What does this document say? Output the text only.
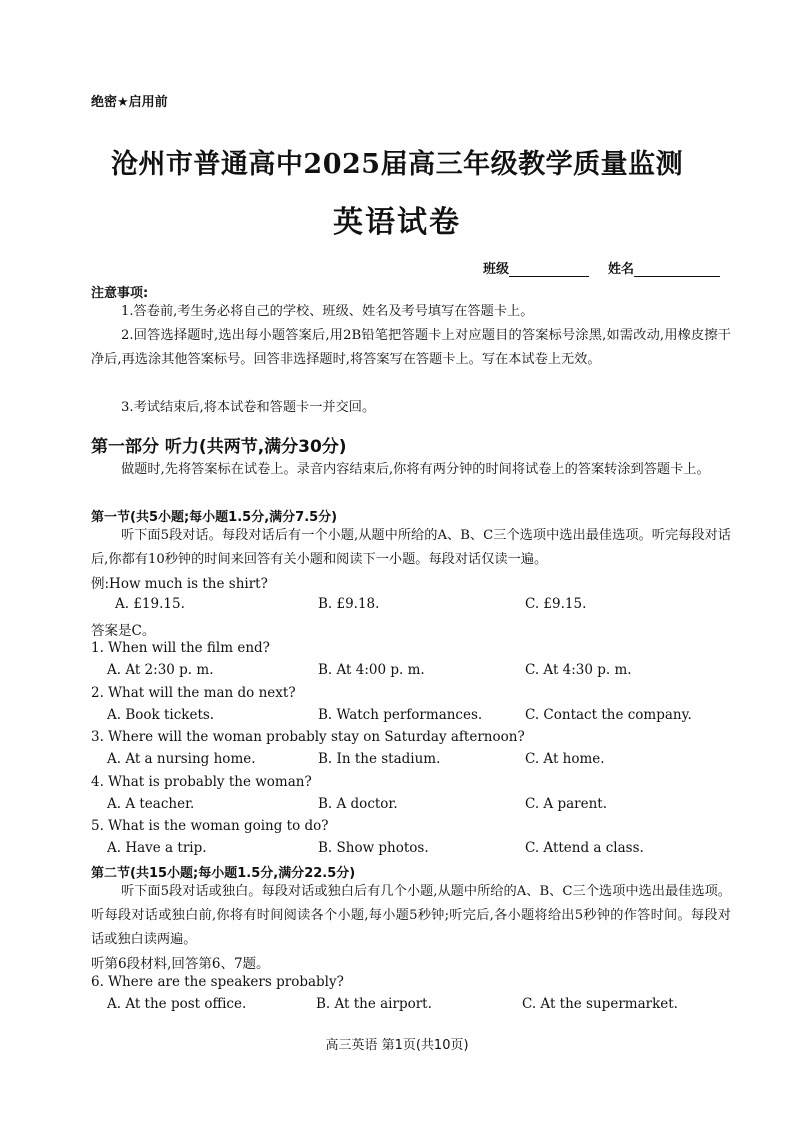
绝密★启用前
沧州市普通高中2025届高三年级教学质量监测
英语试卷
班级	姓名
注意事项:
1.答卷前,考生务必将自己的学校、班级、姓名及考号填写在答题卡上。
2.回答选择题时,选出每小题答案后,用2B铅笔把答题卡上对应题目的答案标号涂黑,如需改动,用橡皮擦干净后,再选涂其他答案标号。回答非选择题时,将答案写在答题卡上。写在本试卷上无效。
3.考试结束后,将本试卷和答题卡一并交回。
第一部分 听力(共两节,满分30分)
做题时,先将答案标在试卷上。录音内容结束后,你将有两分钟的时间将试卷上的答案转涂到答题卡上。
第一节(共5小题;每小题1.5分,满分7.5分)
听下面5段对话。每段对话后有一个小题,从题中所给的A、B、C三个选项中选出最佳选项。听完每段对话后,你都有10秒钟的时间来回答有关小题和阅读下一小题。每段对话仅读一遍。
例:How much is the shirt?
A. £19.15.	B. £9.18.	C. £9.15.
答案是C。
1. When will the film end?
A. At 2:30 p. m.	B. At 4:00 p. m.	C. At 4:30 p. m.
2. What will the man do next?
A. Book tickets.	B. Watch performances.	C. Contact the company.
3. Where will the woman probably stay on Saturday afternoon?
A. At a nursing home.	B. In the stadium.	C. At home.
4. What is probably the woman?
A. A teacher.	B. A doctor.	C. A parent.
5. What is the woman going to do?
A. Have a trip.	B. Show photos.	C. Attend a class.
第二节(共15小题;每小题1.5分,满分22.5分)
听下面5段对话或独白。每段对话或独白后有几个小题,从题中所给的A、B、C三个选项中选出最佳选项。听每段对话或独白前,你将有时间阅读各个小题,每小题5秒钟;听完后,各小题将给出5秒钟的作答时间。每段对话或独白读两遍。
听第6段材料,回答第6、7题。
6. Where are the speakers probably?
A. At the post office.	B. At the airport.	C. At the supermarket.
高三英语 第1页(共10页)
